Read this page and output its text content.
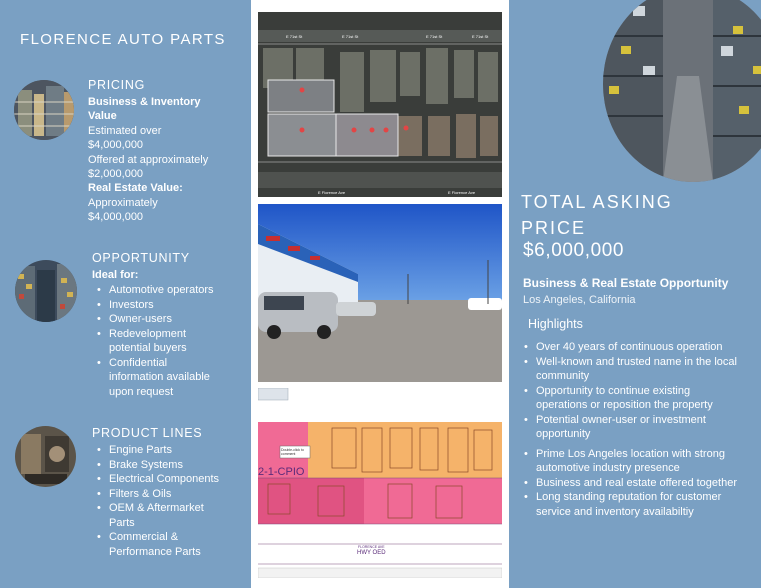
FLORENCE AUTO PARTS
PRICING
Business & Inventory
Value
Estimated over
$4,000,000
Offered at approximately
$2,000,000
Real Estate Value:
Approximately
$4,000,000
OPPORTUNITY
Ideal for:
• Automotive operators
• Investors
• Owner-users
• Redevelopment
potential buyers
• Confidential
information available
upon request
PRODUCT LINES
• Engine Parts
• Brake Systems
• Electrical Components
• Filters & Oils
• OEM & Aftermarket
Parts
• Commercial &
Performance Parts
E 71st St	E 71st St	E 71st St	E 71st St
E Florence Ave	E Florence Ave
2-1-CPIO
Double-click to comment
HWY OED
FLORENCE AVE
TOTAL ASKING
PRICE
$6,000,000
Business & Real Estate Opportunity
Los Angeles, California
Highlights
• Over 40 years of continuous operation
• Well-known and trusted name in the local
community
• Opportunity to continue existing
operations or reposition the property
• Potential owner-user or investment
opportunity
• Prime Los Angeles location with strong
automotive industry presence
• Business and real estate offered together
• Long standing reputation for customer
service and inventory availabiltiy
